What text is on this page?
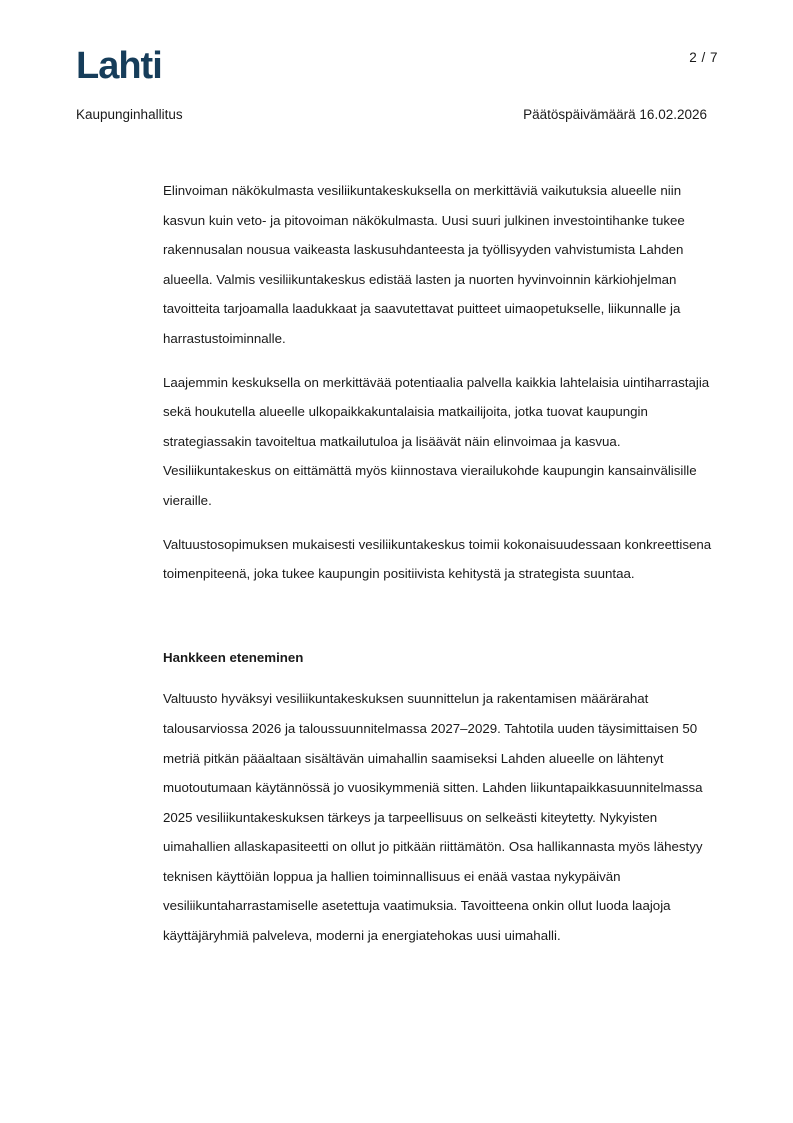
Lahti	2 / 7
Kaupunginhallitus	Päätöspäivämäärä 16.02.2026

Elinvoiman näkökulmasta vesiliikuntakeskuksella on merkittäviä vaikutuksia alueelle niin kasvun kuin veto- ja pitovoiman näkökulmasta. Uusi suuri julkinen investointihanke tukee rakennusalan nousua vaikeasta laskusuhdanteesta ja työllisyyden vahvistumista Lahden alueella. Valmis vesiliikuntakeskus edistää lasten ja nuorten hyvinvoinnin kärkiohjelman tavoitteita tarjoamalla laadukkaat ja saavutettavat puitteet uimaopetukselle, liikunnalle ja harrastustoiminnalle.

Laajemmin keskuksella on merkittävää potentiaalia palvella kaikkia lahtelaisia uintiharrastajia sekä houkutella alueelle ulkopaikkakuntalaisia matkailijoita, jotka tuovat kaupungin strategiassakin tavoiteltua matkailutuloa ja lisäävät näin elinvoimaa ja kasvua. Vesiliikuntakeskus on eittämättä myös kiinnostava vierailukohde kaupungin kansainvälisille vieraille.

Valtuustosopimuksen mukaisesti vesiliikuntakeskus toimii kokonaisuudessaan konkreettisena toimenpiteenä, joka tukee kaupungin positiivista kehitystä ja strategista suuntaa.

Hankkeen eteneminen

Valtuusto hyväksyi vesiliikuntakeskuksen suunnittelun ja rakentamisen määrärahat talousarviossa 2026 ja taloussuunnitelmassa 2027–2029. Tahtotila uuden täysimittaisen 50 metriä pitkän pääaltaan sisältävän uimahallin saamiseksi Lahden alueelle on lähtenyt muotoutumaan käytännössä jo vuosikymmeniä sitten. Lahden liikuntapaikkasuunnitelmassa 2025 vesiliikuntakeskuksen tärkeys ja tarpeellisuus on selkeästi kiteytetty. Nykyisten uimahallien allaskapasiteetti on ollut jo pitkään riittämätön. Osa hallikannasta myös lähestyy teknisen käyttöiän loppua ja hallien toiminnallisuus ei enää vastaa nykypäivän vesiliikuntaharrastamiselle asetettuja vaatimuksia. Tavoitteena onkin ollut luoda laajoja käyttäjäryhmiä palveleva, moderni ja energiatehokas uusi uimahalli.
